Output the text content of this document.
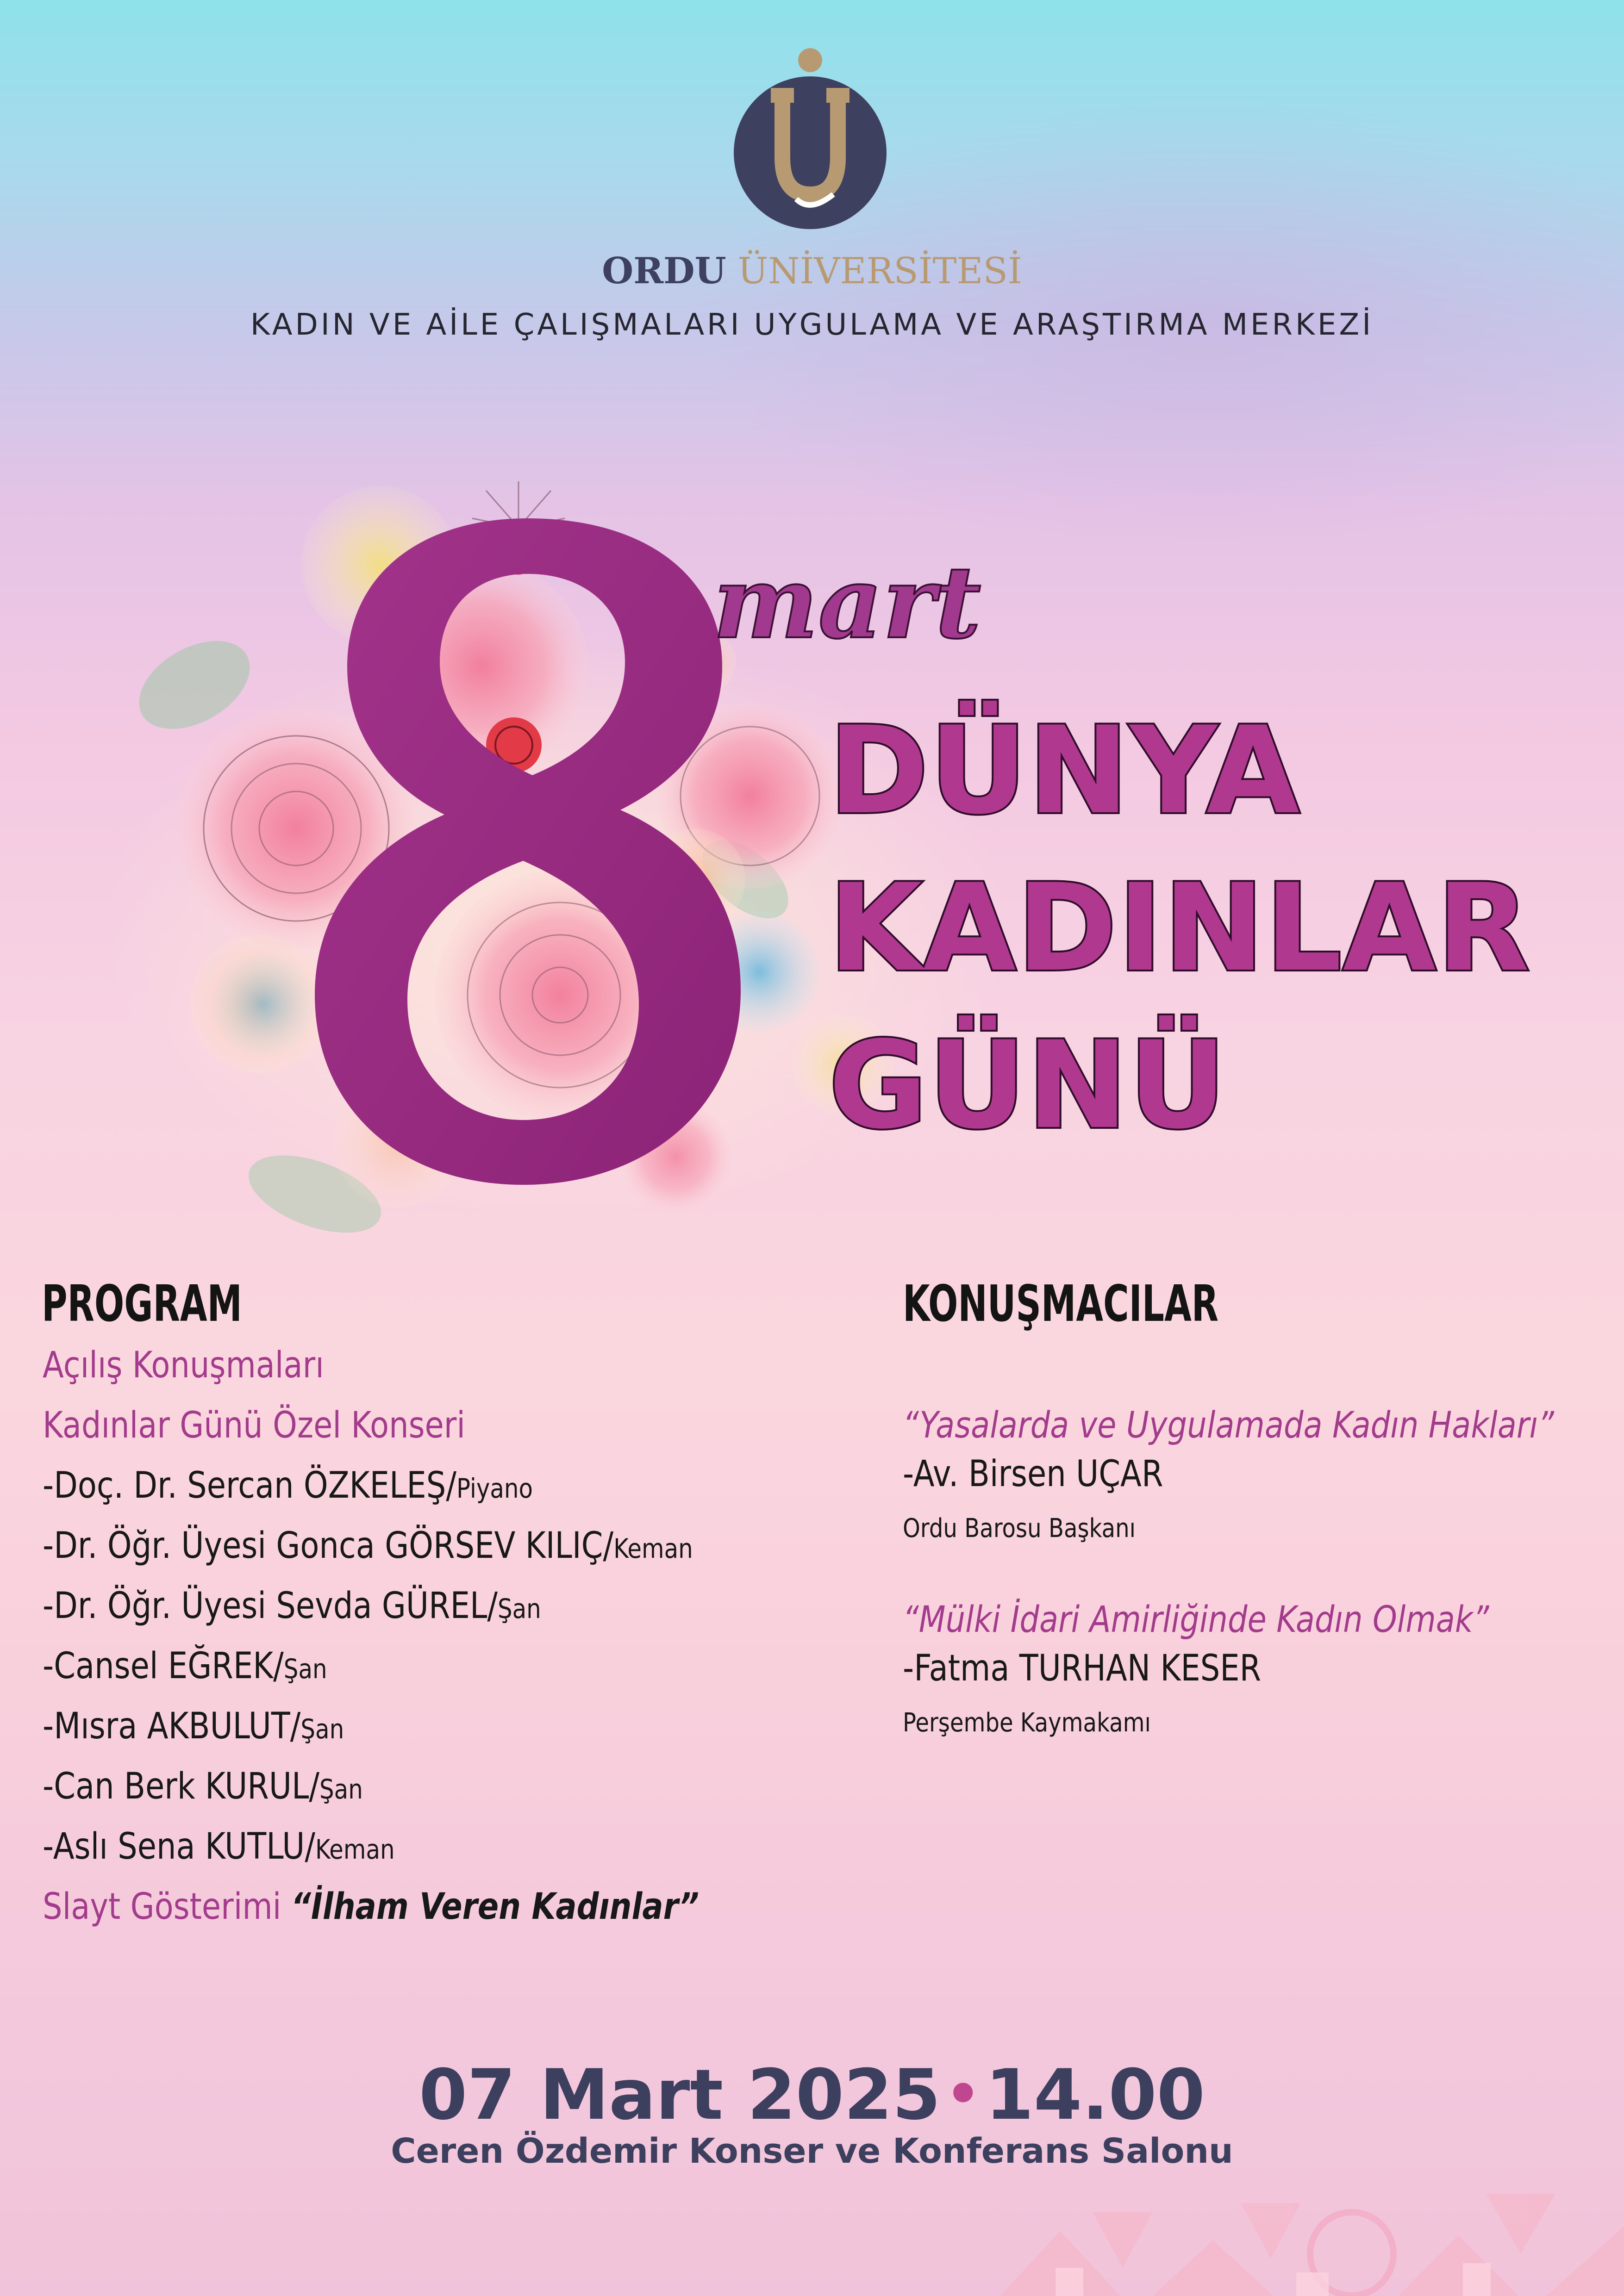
ORDU ÜNİVERSİTESİ
KADIN VE AİLE ÇALIŞMALARI UYGULAMA VE ARAŞTIRMA MERKEZİ
mart
DÜNYA
KADINLAR
GÜNÜ
PROGRAM
Açılış Konuşmaları
Kadınlar Günü Özel Konseri
-Doç. Dr. Sercan ÖZKELEŞ/Piyano
-Dr. Öğr. Üyesi Gonca GÖRSEV KILIÇ/Keman
-Dr. Öğr. Üyesi Sevda GÜREL/Şan
-Cansel EĞREK/Şan
-Mısra AKBULUT/Şan
-Can Berk KURUL/Şan
-Aslı Sena KUTLU/Keman
Slayt Gösterimi “İlham Veren Kadınlar”
KONUŞMACILAR
“Yasalarda ve Uygulamada Kadın Hakları”
-Av. Birsen UÇAR
Ordu Barosu Başkanı
“Mülki İdari Amirliğinde Kadın Olmak”
-Fatma TURHAN KESER
Perşembe Kaymakamı
07 Mart 2025•14.00
Ceren Özdemir Konser ve Konferans Salonu
